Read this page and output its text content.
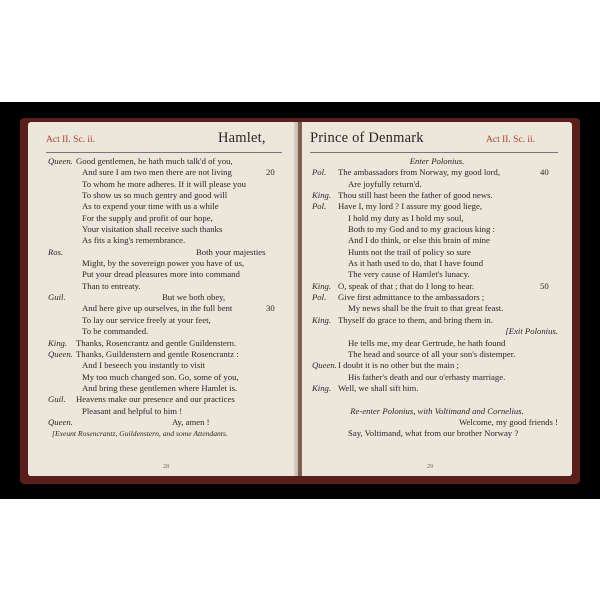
Act II. Sc. ii.	Hamlet,
Queen. Good gentlemen, he hath much talk'd of you,
And sure I am two men there are not living	20
To whom he more adheres. If it will please you
To show us so much gentry and good will
As to expend your time with us a while
For the supply and profit of our hope,
Your visitation shall receive such thanks
As fits a king's remembrance.
Ros.	Both your majesties
Might, by the sovereign power you have of us,
Put your dread pleasures more into command
Than to entreaty.
Guil.	But we both obey,
And here give up ourselves, in the full bent	30
To lay our service freely at your feet,
To be commanded.
King. Thanks, Rosencrantz and gentle Guildenstern.
Queen. Thanks, Guildenstern and gentle Rosencrantz :
And I beseech you instantly to visit
My too much changed son. Go, some of you,
And bring these gentlemen where Hamlet is.
Guil. Heavens make our presence and our practices
Pleasant and helpful to him !
Queen.	Ay, amen !
[Exeunt Rosencrantz, Guildenstern, and some Attendants.
28
Prince of Denmark	Act II. Sc. ii.
Enter Polonius.
Pol. The ambassadors from Norway, my good lord,	40
Are joyfully return'd.
King. Thou still hast been the father of good news.
Pol. Have I, my lord ? I assure my good liege,
I hold my duty as I hold my soul,
Both to my God and to my gracious king :
And I do think, or else this brain of mine
Hunts not the trail of policy so sure
As it hath used to do, that I have found
The very cause of Hamlet's lunacy.
King. O, speak of that ; that do I long to hear.	50
Pol. Give first admittance to the ambassadors ;
My news shall be the fruit to that great feast.
King. Thyself do grace to them, and bring them in.
[Exit Polonius.
He tells me, my dear Gertrude, he hath found
The head and source of all your son's distemper.
Queen. I doubt it is no other but the main ;
His father's death and our o'erhasty marriage.
King. Well, we shall sift him.
Re-enter Polonius, with Voltimand and Cornelius.
Welcome, my good friends !
Say, Voltimand, what from our brother Norway ?
29
